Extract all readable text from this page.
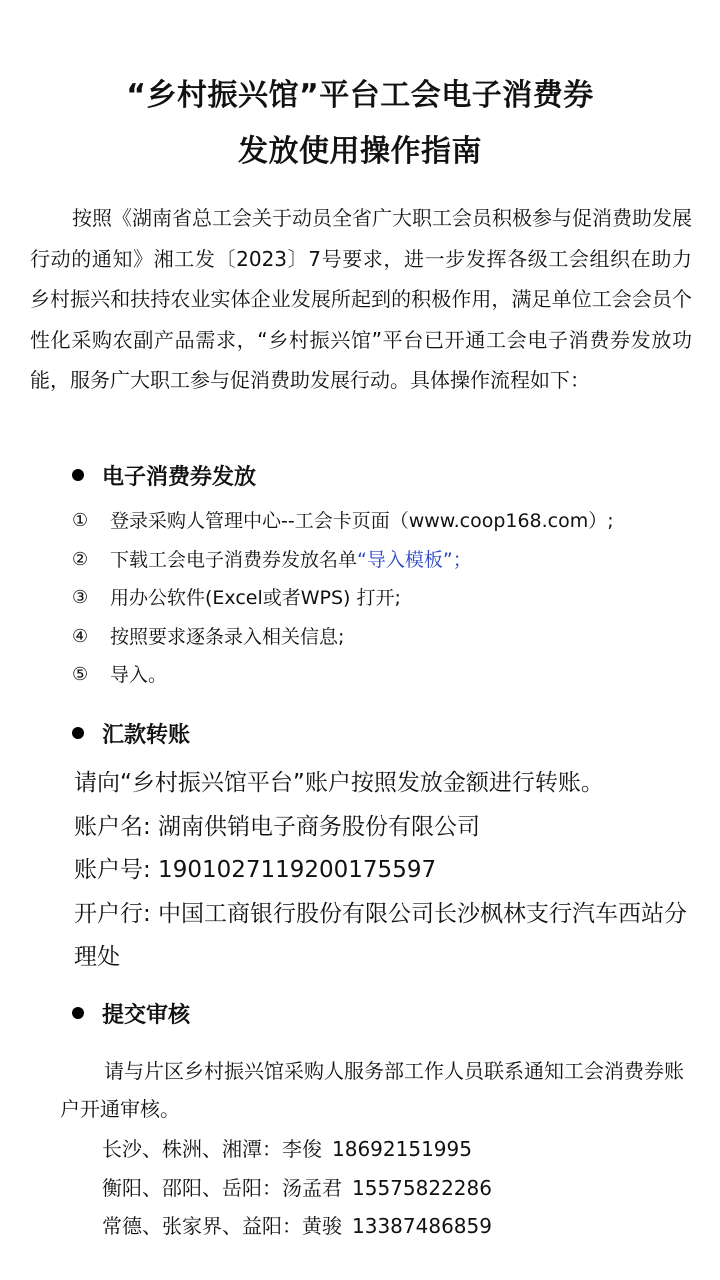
“乡村振兴馆”平台工会电子消费券
发放使用操作指南

按照《湖南省总工会关于动员全省广大职工会员积极参与促消费助发展行动的通知》湘工发〔2023〕7号要求，进一步发挥各级工会组织在助力乡村振兴和扶持农业实体企业发展所起到的积极作用，满足单位工会会员个性化采购农副产品需求，“乡村振兴馆”平台已开通工会电子消费券发放功能，服务广大职工参与促消费助发展行动。具体操作流程如下：

电子消费券发放
①	登录采购人管理中心--工会卡页面（www.coop168.com）;
②	下载工会电子消费券发放名单 “导入模板” ；
③	用办公软件(Excel或者WPS) 打开;
④	按照要求逐条录入相关信息;
⑤	导入。
汇款转账

请向“乡村振兴馆平台”账户按照发放金额进行转账。

账户名: 湖南供销电子商务股份有限公司

账户号: 1901027119200175597

开户行: 中国工商银行股份有限公司长沙枫林支行汽车西站分理处

提交审核

请与片区乡村振兴馆采购人服务部工作人员联系通知工会消费券账户开通审核。

长沙、株洲、湘潭：李俊 18692151995
衡阳、邵阳、岳阳：汤孟君 15575822286
常德、张家界、益阳：黄骏 13387486859
